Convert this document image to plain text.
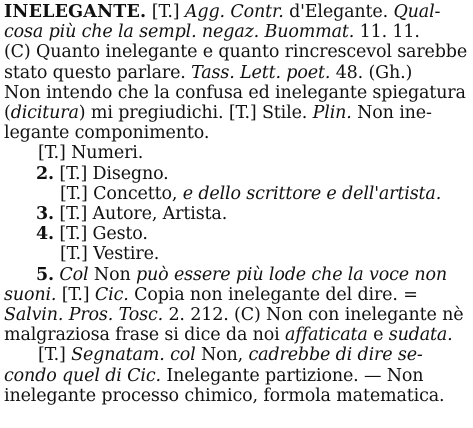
INELEGANTE. [T.] Agg. Contr. d'Elegante. Qual-
cosa più che la sempl. negaz. Buommat. 11. 11.
(C) Quanto inelegante e quanto rincrescevol sarebbe
stato questo parlare. Tass. Lett. poet. 48. (Gh.)
Non intendo che la confusa ed inelegante spiegatura
(dicitura) mi pregiudichi. [T.] Stile. Plin. Non ine-
legante componimento.
[T.] Numeri.
2. [T.] Disegno.
[T.] Concetto, e dello scrittore e dell'artista.
3. [T.] Autore, Artista.
4. [T.] Gesto.
[T.] Vestire.
5. Col Non può essere più lode che la voce non
suoni. [T.] Cic. Copia non inelegante del dire. =
Salvin. Pros. Tosc. 2. 212. (C) Non con inelegante nè
malgraziosa frase si dice da noi affaticata e sudata.
[T.] Segnatam. col Non, cadrebbe di dire se-
condo quel di Cic. Inelegante partizione. — Non
inelegante processo chimico, formola matematica.
